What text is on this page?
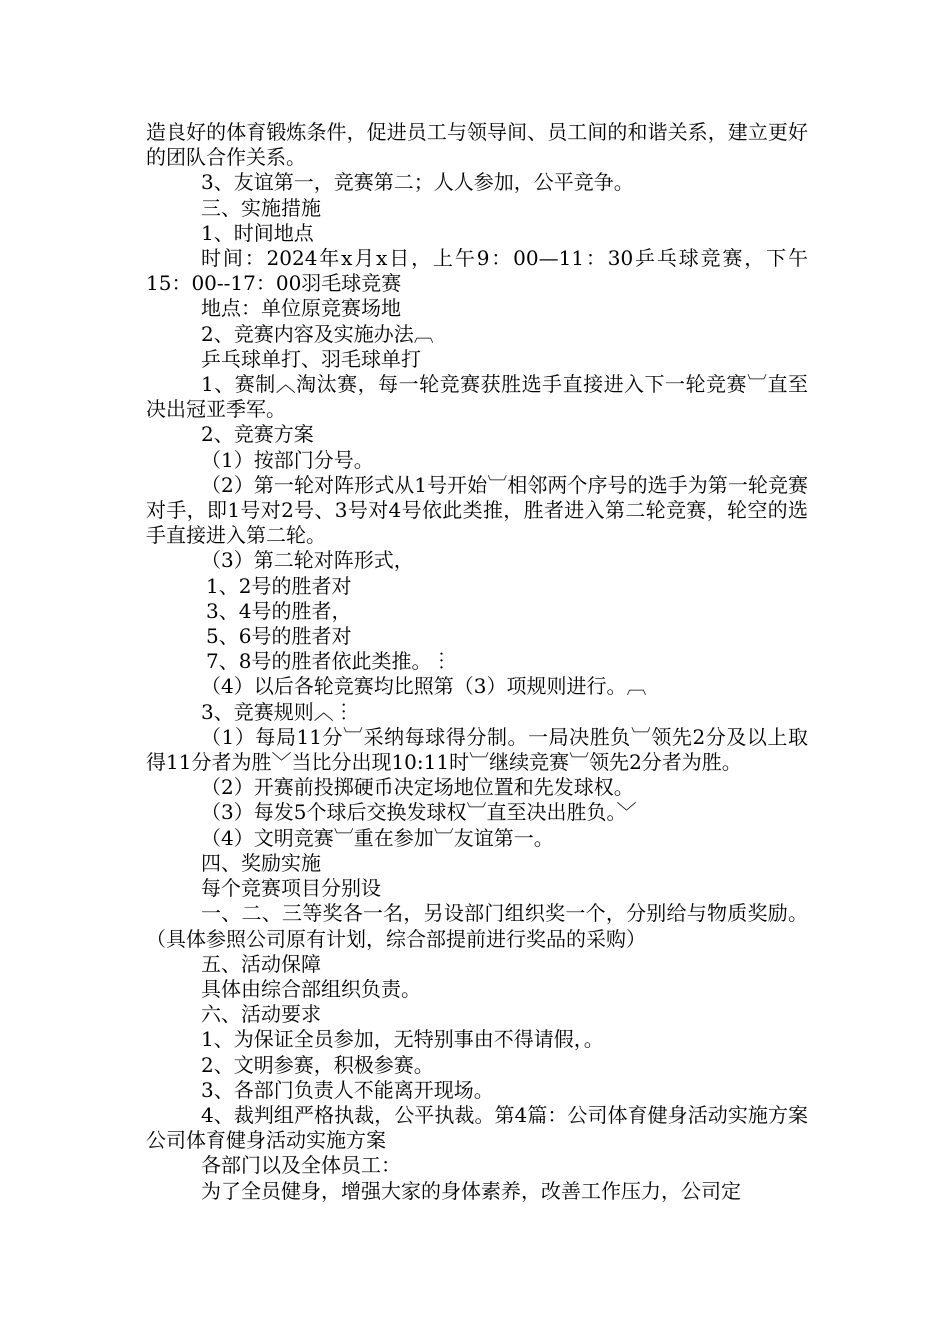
造良好的体育锻炼条件，促进员工与领导间、员工间的和谐关系，建立更好的团队合作关系。

3、友谊第一，竞赛第二；人人参加，公平竞争。

三、实施措施

1、时间地点

时间：2024年x月x日，上午9：00—11：30乒乓球竞赛，下午15：00--17：00羽毛球竞赛

地点：单位原竞赛场地

2、竞赛内容及实施办法︹

乒乓球单打、羽毛球单打

1、赛制︿淘汰赛，每一轮竞赛获胜选手直接进入下一轮竞赛︺直至决出冠亚季军。

2、竞赛方案

（1）按部门分号。

（2）第一轮对阵形式从1号开始︺相邻两个序号的选手为第一轮竞赛对手，即1号对2号、3号对4号依此类推，胜者进入第二轮竞赛，轮空的选手直接进入第二轮。

（3）第二轮对阵形式，

1、2号的胜者对

3、4号的胜者，

5、6号的胜者对

7、8号的胜者依此类推。︙

（4）以后各轮竞赛均比照第（3）项规则进行。︹

3、竞赛规则︿︙

（1）每局11分︺采纳每球得分制。一局决胜负︺领先2分及以上取得11分者为胜﹀当比分出现10:11时︺继续竞赛︺领先2分者为胜。

（2）开赛前投掷硬币决定场地位置和先发球权。

（3）每发5个球后交换发球权︺直至决出胜负。﹀

（4）文明竞赛︺重在参加︺友谊第一。

四、奖励实施

每个竞赛项目分别设

一、二、三等奖各一名，另设部门组织奖一个，分别给与物质奖励。（具体参照公司原有计划，综合部提前进行奖品的采购）

五、活动保障

具体由综合部组织负责。

六、活动要求

1、为保证全员参加，无特别事由不得请假，。

2、文明参赛，积极参赛。

3、各部门负责人不能离开现场。

4、裁判组严格执裁，公平执裁。第4篇：公司体育健身活动实施方案公司体育健身活动实施方案

各部门以及全体员工：

为了全员健身，增强大家的身体素养，改善工作压力，公司定
